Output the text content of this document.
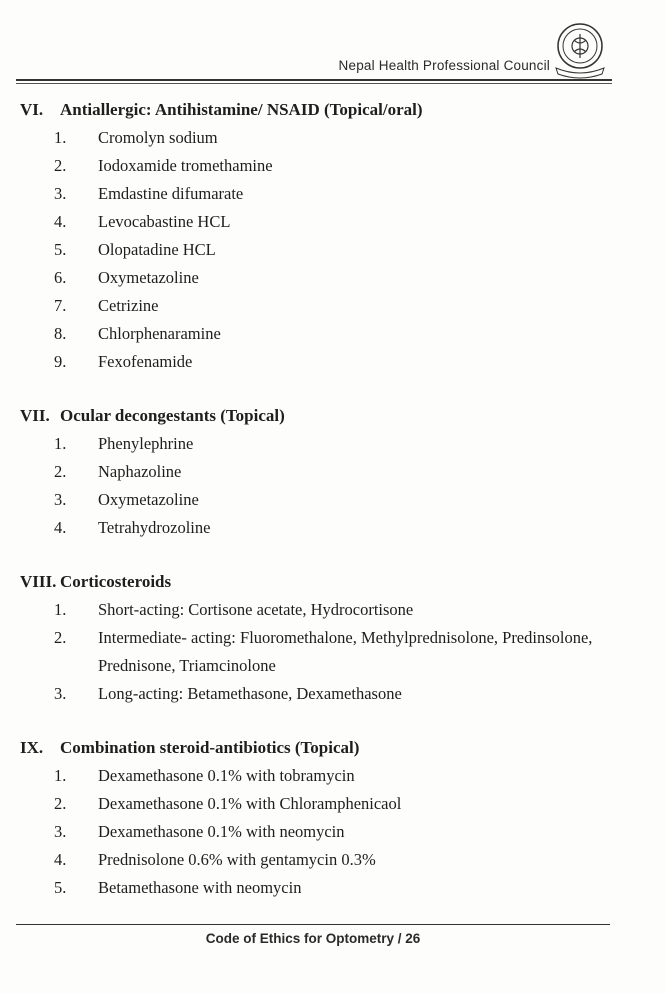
Nepal Health Professional Council
VI. Antiallergic: Antihistamine/ NSAID (Topical/oral)
1.	Cromolyn sodium
2.	Iodoxamide tromethamine
3.	Emdastine difumarate
4.	Levocabastine HCL
5.	Olopatadine HCL
6.	Oxymetazoline
7.	Cetrizine
8.	Chlorphenaramine
9.	Fexofenamide
VII. Ocular decongestants (Topical)
1.	Phenylephrine
2.	Naphazoline
3.	Oxymetazoline
4.	Tetrahydrozoline
VIII. Corticosteroids
1.	Short-acting: Cortisone acetate, Hydrocortisone
2.	Intermediate- acting: Fluoromethalone, Methylprednisolone, Predinsolone, Prednisone, Triamcinolone
3.	Long-acting: Betamethasone, Dexamethasone
IX. Combination steroid-antibiotics (Topical)
1.	Dexamethasone 0.1% with tobramycin
2.	Dexamethasone 0.1% with Chloramphenicaol
3.	Dexamethasone 0.1% with neomycin
4.	Prednisolone 0.6% with gentamycin 0.3%
5.	Betamethasone with neomycin
Code of Ethics for Optometry / 26
